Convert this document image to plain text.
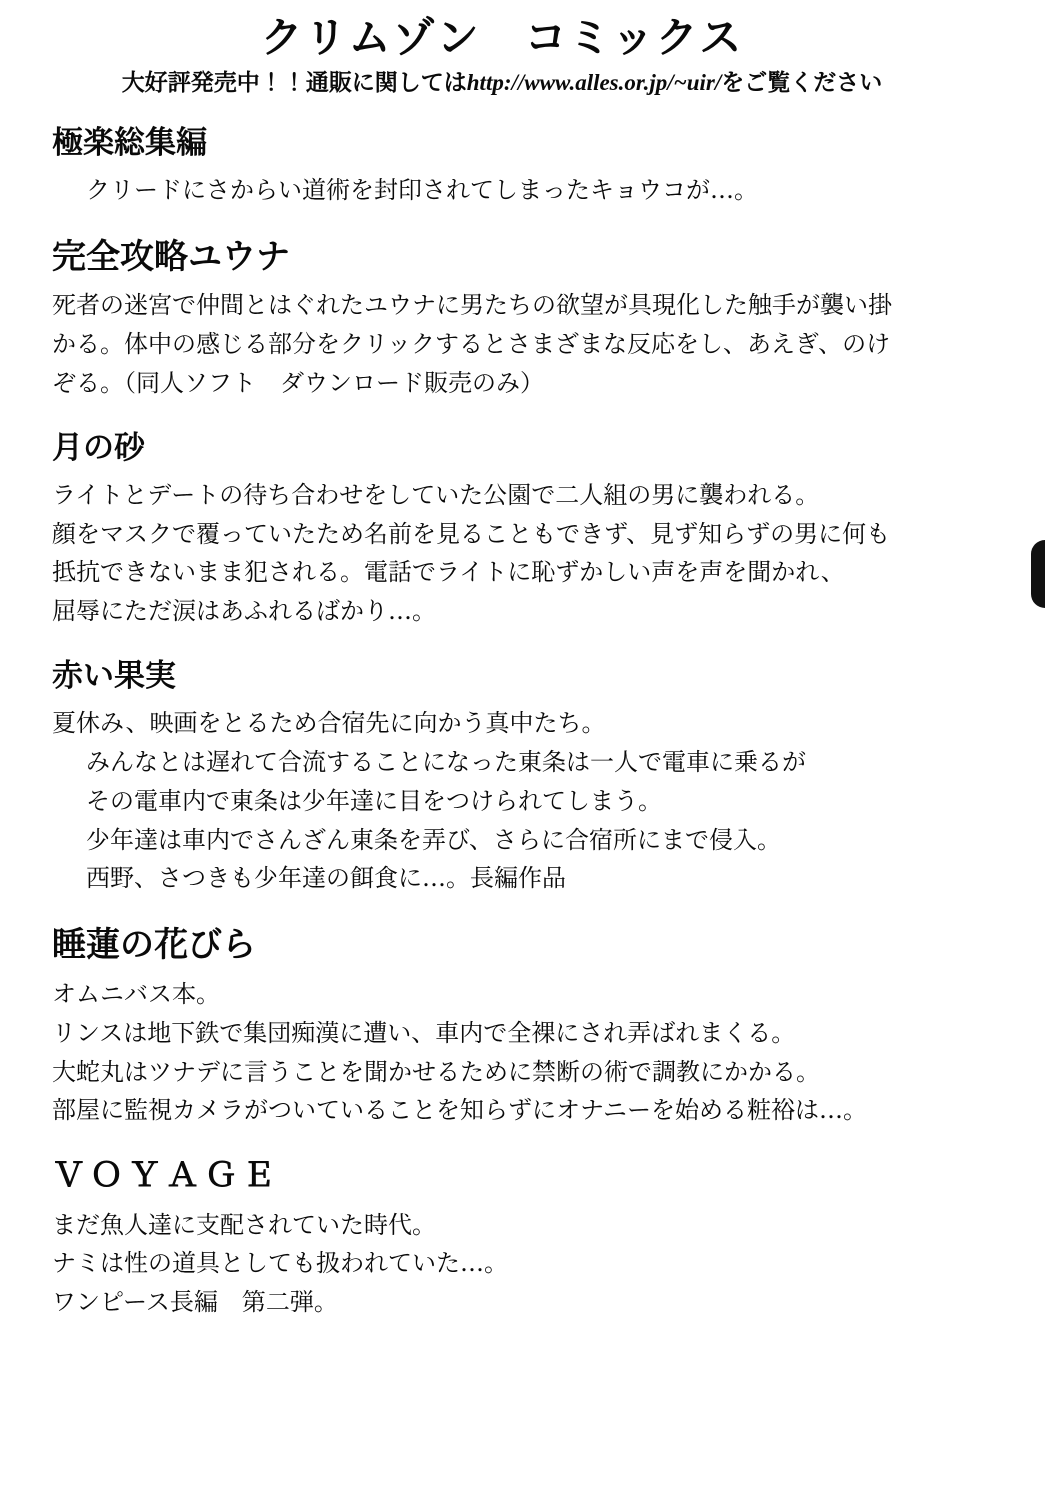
クリムゾン　コミックス
大好評発売中！！通販に関してはhttp://www.alles.or.jp/~uir/をご覧ください
極楽総集編

クリードにさからい道術を封印されてしまったキョウコが…。

完全攻略ユウナ

死者の迷宮で仲間とはぐれたユウナに男たちの欲望が具現化した触手が襲い掛

かる。体中の感じる部分をクリックするとさまざまな反応をし、あえぎ、のけ

ぞる。（同人ソフト　ダウンロード販売のみ）

月の砂

ライトとデートの待ち合わせをしていた公園で二人組の男に襲われる。

顔をマスクで覆っていたため名前を見ることもできず、見ず知らずの男に何も

抵抗できないまま犯される。電話でライトに恥ずかしい声を声を聞かれ、

屈辱にただ涙はあふれるばかり…。

赤い果実

夏休み、映画をとるため合宿先に向かう真中たち。

みんなとは遅れて合流することになった東条は一人で電車に乗るが

その電車内で東条は少年達に目をつけられてしまう。

少年達は車内でさんざん東条を弄び、さらに合宿所にまで侵入。

西野、さつきも少年達の餌食に…。長編作品

睡蓮の花びら

オムニバス本。

リンスは地下鉄で集団痴漢に遭い、車内で全裸にされ弄ばれまくる。

大蛇丸はツナデに言うことを聞かせるために禁断の術で調教にかかる。

部屋に監視カメラがついていることを知らずにオナニーを始める粧裕は…。

ＶＯＹＡＧＥ

まだ魚人達に支配されていた時代。

ナミは性の道具としても扱われていた…。

ワンピース長編　第二弾。
